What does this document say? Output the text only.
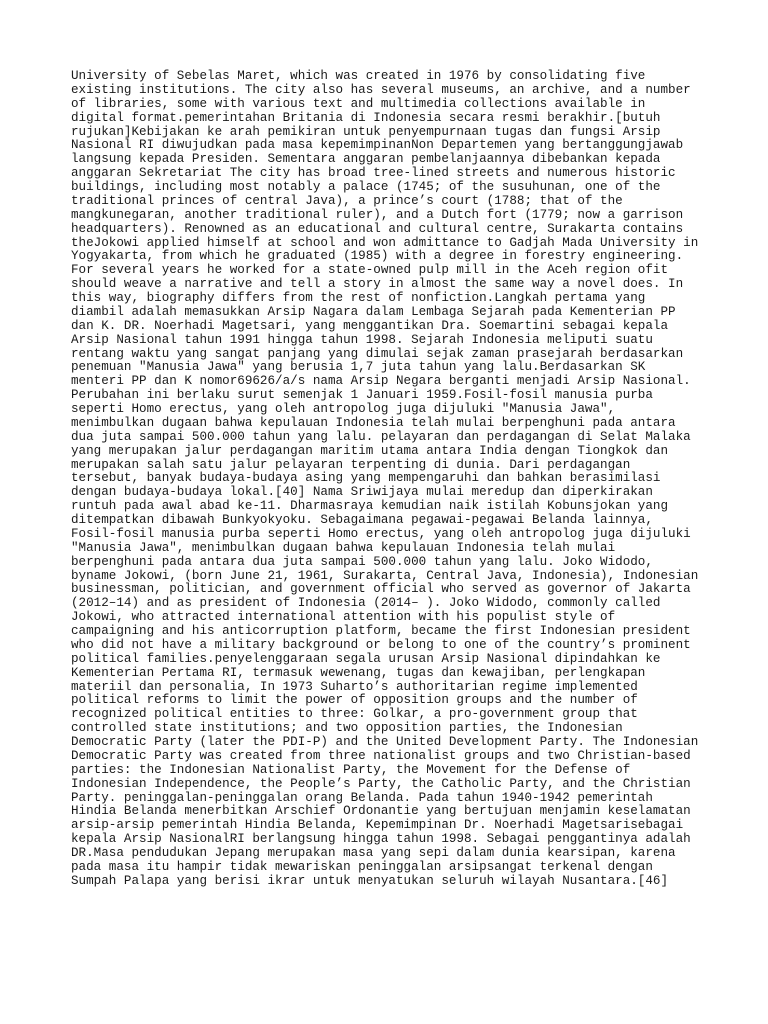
University of Sebelas Maret, which was created in 1976 by consolidating five
existing institutions. The city also has several museums, an archive, and a number
of libraries, some with various text and multimedia collections available in
digital format.pemerintahan Britania di Indonesia secara resmi berakhir.[butuh
rujukan]Kebijakan ke arah pemikiran untuk penyempurnaan tugas dan fungsi Arsip
Nasional RI diwujudkan pada masa kepemimpinanNon Departemen yang bertanggungjawab
langsung kepada Presiden. Sementara anggaran pembelanjaannya dibebankan kepada
anggaran Sekretariat The city has broad tree-lined streets and numerous historic
buildings, including most notably a palace (1745; of the susuhunan, one of the
traditional princes of central Java), a prince’s court (1788; that of the
mangkunegaran, another traditional ruler), and a Dutch fort (1779; now a garrison
headquarters). Renowned as an educational and cultural centre, Surakarta contains
theJokowi applied himself at school and won admittance to Gadjah Mada University in
Yogyakarta, from which he graduated (1985) with a degree in forestry engineering.
For several years he worked for a state-owned pulp mill in the Aceh region ofit
should weave a narrative and tell a story in almost the same way a novel does. In
this way, biography differs from the rest of nonfiction.Langkah pertama yang
diambil adalah memasukkan Arsip Nagara dalam Lembaga Sejarah pada Kementerian PP
dan K. DR. Noerhadi Magetsari, yang menggantikan Dra. Soemartini sebagai kepala
Arsip Nasional tahun 1991 hingga tahun 1998. Sejarah Indonesia meliputi suatu
rentang waktu yang sangat panjang yang dimulai sejak zaman prasejarah berdasarkan
penemuan "Manusia Jawa" yang berusia 1,7 juta tahun yang lalu.Berdasarkan SK
menteri PP dan K nomor69626/a/s nama Arsip Negara berganti menjadi Arsip Nasional.
Perubahan ini berlaku surut semenjak 1 Januari 1959.Fosil-fosil manusia purba
seperti Homo erectus, yang oleh antropolog juga dijuluki "Manusia Jawa",
menimbulkan dugaan bahwa kepulauan Indonesia telah mulai berpenghuni pada antara
dua juta sampai 500.000 tahun yang lalu. pelayaran dan perdagangan di Selat Malaka
yang merupakan jalur perdagangan maritim utama antara India dengan Tiongkok dan
merupakan salah satu jalur pelayaran terpenting di dunia. Dari perdagangan
tersebut, banyak budaya-budaya asing yang mempengaruhi dan bahkan berasimilasi
dengan budaya-budaya lokal.[40] Nama Sriwijaya mulai meredup dan diperkirakan
runtuh pada awal abad ke-11. Dharmasraya kemudian naik istilah Kobunsjokan yang
ditempatkan dibawah Bunkyokyoku. Sebagaimana pegawai-pegawai Belanda lainnya,
Fosil-fosil manusia purba seperti Homo erectus, yang oleh antropolog juga dijuluki
"Manusia Jawa", menimbulkan dugaan bahwa kepulauan Indonesia telah mulai
berpenghuni pada antara dua juta sampai 500.000 tahun yang lalu. Joko Widodo,
byname Jokowi, (born June 21, 1961, Surakarta, Central Java, Indonesia), Indonesian
businessman, politician, and government official who served as governor of Jakarta
(2012–14) and as president of Indonesia (2014– ). Joko Widodo, commonly called
Jokowi, who attracted international attention with his populist style of
campaigning and his anticorruption platform, became the first Indonesian president
who did not have a military background or belong to one of the country’s prominent
political families.penyelenggaraan segala urusan Arsip Nasional dipindahkan ke
Kementerian Pertama RI, termasuk wewenang, tugas dan kewajiban, perlengkapan
materiil dan personalia, In 1973 Suharto’s authoritarian regime implemented
political reforms to limit the power of opposition groups and the number of
recognized political entities to three: Golkar, a pro-government group that
controlled state institutions; and two opposition parties, the Indonesian
Democratic Party (later the PDI-P) and the United Development Party. The Indonesian
Democratic Party was created from three nationalist groups and two Christian-based
parties: the Indonesian Nationalist Party, the Movement for the Defense of
Indonesian Independence, the People’s Party, the Catholic Party, and the Christian
Party. peninggalan-peninggalan orang Belanda. Pada tahun 1940-1942 pemerintah
Hindia Belanda menerbitkan Arschief Ordonantie yang bertujuan menjamin keselamatan
arsip-arsip pemerintah Hindia Belanda, Kepemimpinan Dr. Noerhadi Magetsarisebagai
kepala Arsip NasionalRI berlangsung hingga tahun 1998. Sebagai penggantinya adalah
DR.Masa pendudukan Jepang merupakan masa yang sepi dalam dunia kearsipan, karena
pada masa itu hampir tidak mewariskan peninggalan arsipsangat terkenal dengan
Sumpah Palapa yang berisi ikrar untuk menyatukan seluruh wilayah Nusantara.[46]
